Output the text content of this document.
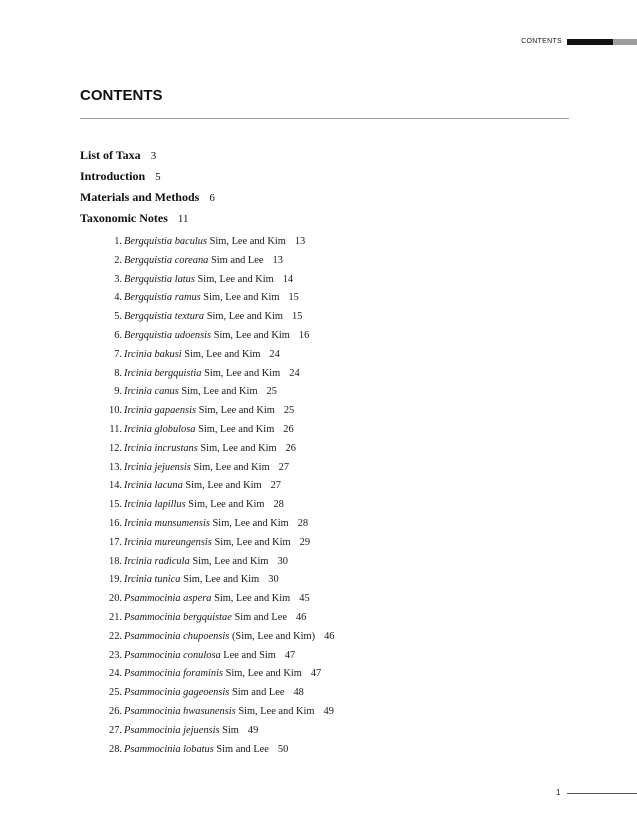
CONTENTS
CONTENTS
List of Taxa 3
Introduction 5
Materials and Methods 6
Taxonomic Notes 11
1. Bergquistia baculus Sim, Lee and Kim 13
2. Bergquistia coreana Sim and Lee 13
3. Bergquistia latus Sim, Lee and Kim 14
4. Bergquistia ramus Sim, Lee and Kim 15
5. Bergquistia textura Sim, Lee and Kim 15
6. Bergquistia udoensis Sim, Lee and Kim 16
7. Ircinia bakusi Sim, Lee and Kim 24
8. Ircinia bergquistia Sim, Lee and Kim 24
9. Ircinia canus Sim, Lee and Kim 25
10. Ircinia gapaensis Sim, Lee and Kim 25
11. Ircinia globulosa Sim, Lee and Kim 26
12. Ircinia incrustans Sim, Lee and Kim 26
13. Ircinia jejuensis Sim, Lee and Kim 27
14. Ircinia lacuna Sim, Lee and Kim 27
15. Ircinia lapillus Sim, Lee and Kim 28
16. Ircinia munsumensis Sim, Lee and Kim 28
17. Ircinia mureungensis Sim, Lee and Kim 29
18. Ircinia radicula Sim, Lee and Kim 30
19. Ircinia tunica Sim, Lee and Kim 30
20. Psammocinia aspera Sim, Lee and Kim 45
21. Psammocinia bergquistae Sim and Lee 46
22. Psammocinia chupoensis (Sim, Lee and Kim) 46
23. Psammocinia conulosa Lee and Sim 47
24. Psammocinia foraminis Sim, Lee and Kim 47
25. Psammocinia gageoensis Sim and Lee 48
26. Psammocinia hwasunensis Sim, Lee and Kim 49
27. Psammocinia jejuensis Sim 49
28. Psammocinia lobatus Sim and Lee 50
1
